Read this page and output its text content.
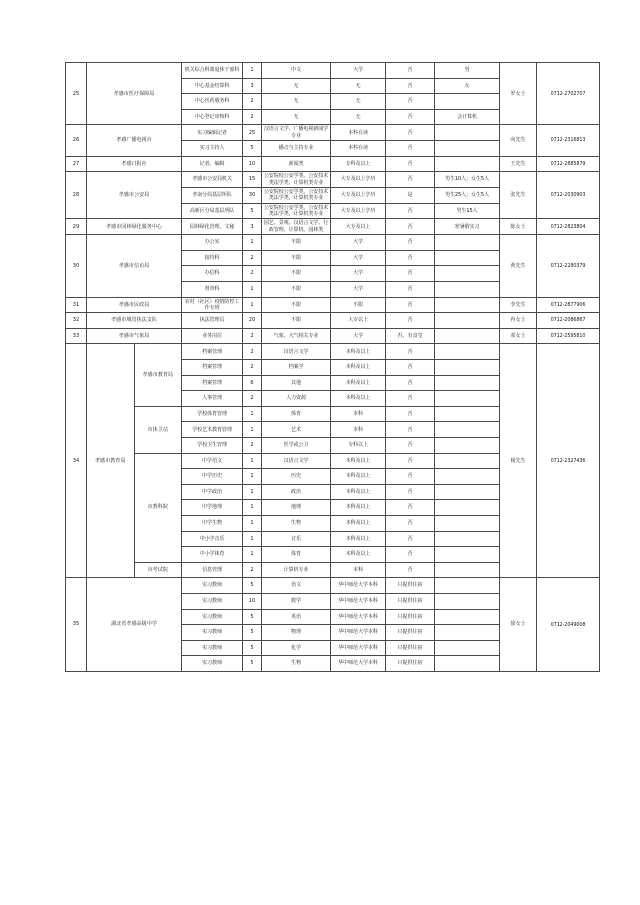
25	孝感市医疗保障局		机关综合科离退休干部科	1	中文	大学	否	男	罗女士	0712-2702707
			中心基金结算科	3	无	无	否	女		
			中心医药服务科	2	无	无	否			
			中心登记审核科	2	无	无	否	会计算机		
26	孝感广播电视台		实习编辑记者	25	汉语言文学、广播电视新闻学专业	本科在读	否		向先生	0712-2316813
			实习主持人	5	播音与主持专业	本科在读	否			
27	孝感日报社		记者、编辑	10	新闻类	专科及以上	否		王先生	0712-2885879
28	孝感市公安局		孝感市公安局机关	15	公安院校公安学类、公安技术类法学类、计算机类专业	大专及以上学历	否	男生10人；女生5人	张先生	0712-2030903
			孝南分局基层所队	30	公安院校公安学类、公安技术类法学类、计算机类专业	大专及以上学历	是	男生25人；女生5人		
			高新区分局基层所队	5	公安院校公安学类、公安技术类法学类、计算机类专业	大专及以上学历	否	男生15人		
29	孝感市园林绿化服务中心		园林绿化管理、文秘	3	园艺、景观、汉语言文学、行政管理、计算机、园林类	大专及以上	否	寒暑假实习	陈女士	0712-2823804
30	孝感市信访局		办公室	1	不限	大学	否		黄先生	0712-2280379
			接待科	2	不限	大学	否			
			办信科	2	不限	大学	否			
			督查科	1	不限	大学	否			
31	孝感市民政局		农村（社区）疫情防控工作专班	1	不限	不限	否		李先生	0712-2877906
32	孝感市城管执法支队		执法管理员	20	不限	大专以上	否		冉女士	0712-2086867
33	孝感市气象局		业务岗位	2	气象、大气相关专业	大学	否、有食堂		邓女士	0712-2595810
34	孝感市教育局	孝感市教育局	档案管理	2	汉语言文学	本科及以上	否		杨先生	0712-2327436
			档案管理	2	档案学	本科及以上	否			
			档案管理	6	其他	本科及以上	否			
			人事管理	2	人力资源	本科及以上	否			
		市体卫站	学校体育管理	1	体育	本科	否			
			学校艺术教育管理	1	艺术	本科	否			
			学校卫生管理	2	医学或公卫	专科以上	否			
		市教科院	中学语文	1	汉语言文学	本科及以上	否			
			中学历史	1	历史	本科及以上	否			
			中学政治	1	政治	本科及以上	否			
			中学地理	1	地理	本科及以上	否			
			中学生物	1	生物	本科及以上	否			
			中小学音乐	1	音乐	本科及以上	否			
			中小学体育	1	体育	本科及以上	否			
		市考试院	信息管理	2	计算机专业	本科	否			
35	湖北省孝感高级中学		实习教师	5	语文	华中师范大学本科	只提供住宿		徐女士	0712-2049008
			实习教师	10	数学	华中师范大学本科	只提供住宿			
			实习教师	5	英语	华中师范大学本科	只提供住宿			
			实习教师	5	物理	华中师范大学本科	只提供住宿			
			实习教师	5	化学	华中师范大学本科	只提供住宿			
			实习教师	5	生物	华中师范大学本科	只提供住宿			
